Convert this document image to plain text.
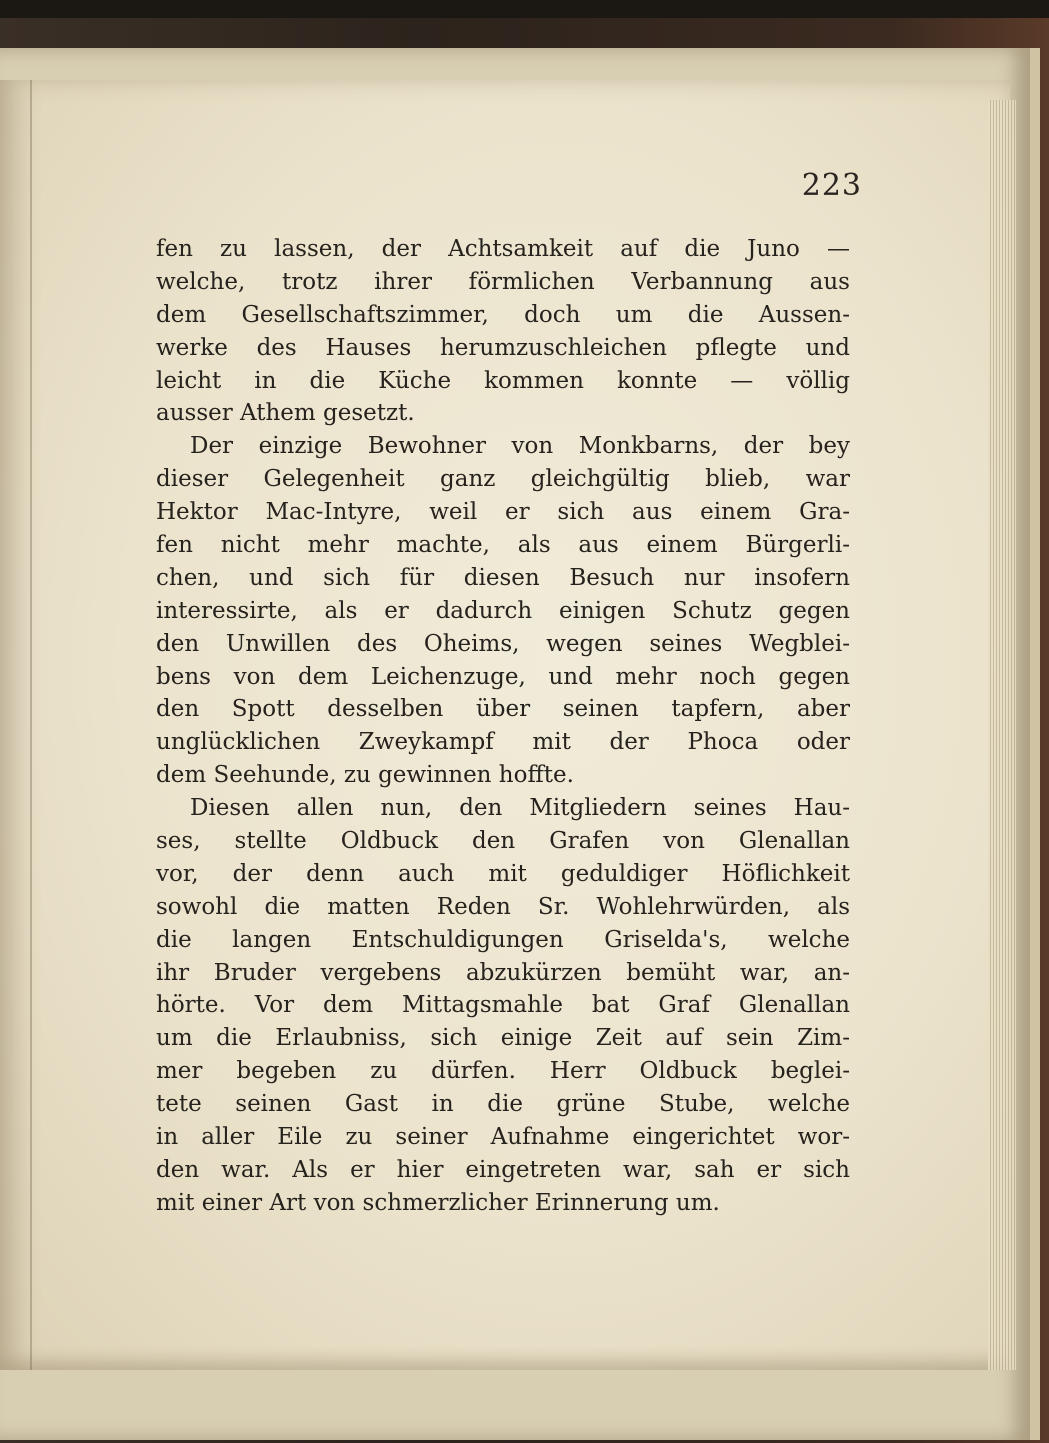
223
fen zu lassen, der Achtsamkeit auf die Juno —
welche, trotz ihrer förmlichen Verbannung aus
dem Gesellschaftszimmer, doch um die Aussen-
werke des Hauses herumzuschleichen pflegte und
leicht in die Küche kommen konnte — völlig
ausser Athem gesetzt.
Der einzige Bewohner von Monkbarns, der bey
dieser Gelegenheit ganz gleichgültig blieb, war
Hektor Mac-Intyre, weil er sich aus einem Gra-
fen nicht mehr machte, als aus einem Bürgerli-
chen, und sich für diesen Besuch nur insofern
interessirte, als er dadurch einigen Schutz gegen
den Unwillen des Oheims, wegen seines Wegblei-
bens von dem Leichenzuge, und mehr noch gegen
den Spott desselben über seinen tapfern, aber
unglücklichen Zweykampf mit der Phoca oder
dem Seehunde, zu gewinnen hoffte.
Diesen allen nun, den Mitgliedern seines Hau-
ses, stellte Oldbuck den Grafen von Glenallan
vor, der denn auch mit geduldiger Höflichkeit
sowohl die matten Reden Sr. Wohlehrwürden, als
die langen Entschuldigungen Griselda's, welche
ihr Bruder vergebens abzukürzen bemüht war, an-
hörte. Vor dem Mittagsmahle bat Graf Glenallan
um die Erlaubniss, sich einige Zeit auf sein Zim-
mer begeben zu dürfen. Herr Oldbuck beglei-
tete seinen Gast in die grüne Stube, welche
in aller Eile zu seiner Aufnahme eingerichtet wor-
den war. Als er hier eingetreten war, sah er sich
mit einer Art von schmerzlicher Erinnerung um.
